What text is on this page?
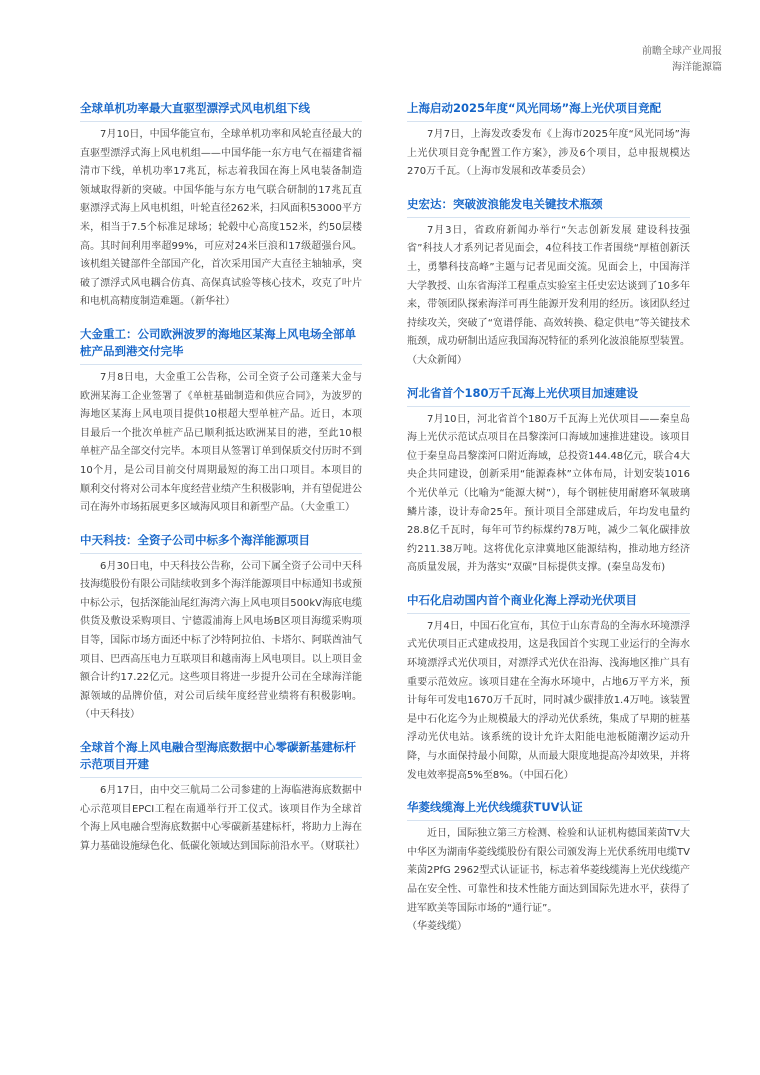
前瞻全球产业周报
海洋能源篇
全球单机功率最大直驱型漂浮式风电机组下线

7月10日，中国华能宣布，全球单机功率和风轮直径最大的直驱型漂浮式海上风电机组——中国华能一东方电气在福建省福清市下线，单机功率17兆瓦，标志着我国在海上风电装备制造领域取得新的突破。中国华能与东方电气联合研制的17兆瓦直驱漂浮式海上风电机组，叶轮直径262米，扫风面积53000平方米，相当于7.5个标准足球场；轮毂中心高度152米，约50层楼高。其时间利用率超99%，可应对24米巨浪和17级超强台风。该机组关键部件全部国产化，首次采用国产大直径主轴轴承，突破了漂浮式风电耦合仿真、高保真试验等核心技术，攻克了叶片和电机高精度制造难题。（新华社）

大金重工：公司欧洲波罗的海地区某海上风电场全部单桩产品到港交付完毕

7月8日电，大金重工公告称，公司全资子公司蓬莱大金与欧洲某海工企业签署了《单桩基础制造和供应合同》，为波罗的海地区某海上风电项目提供10根超大型单桩产品。近日，本项目最后一个批次单桩产品已顺利抵达欧洲某目的港，至此10根单桩产品全部交付完毕。本项目从签署订单到保质交付历时不到10个月，是公司目前交付周期最短的海工出口项目。本项目的顺利交付将对公司本年度经营业绩产生积极影响，并有望促进公司在海外市场拓展更多区域海风项目和新型产品。（大金重工）

中天科技：全资子公司中标多个海洋能源项目

6月30日电，中天科技公告称，公司下属全资子公司中天科技海缆股份有限公司陆续收到多个海洋能源项目中标通知书或预中标公示，包括深能汕尾红海湾六海上风电项目500kV海底电缆供货及敷设采购项目、宁德霞浦海上风电场B区项目海缆采购项目等，国际市场方面还中标了沙特阿拉伯、卡塔尔、阿联酋油气项目、巴西高压电力互联项目和越南海上风电项目。以上项目金额合计约17.22亿元。这些项目将进一步提升公司在全球海洋能源领域的品牌价值，对公司后续年度经营业绩将有积极影响。（中天科技）

全球首个海上风电融合型海底数据中心零碳新基建标杆示范项目开建

6月17日，由中交三航局二公司参建的上海临港海底数据中心示范项目EPCI工程在南通举行开工仪式。该项目作为全球首个海上风电融合型海底数据中心零碳新基建标杆，将助力上海在算力基础设施绿色化、低碳化领域达到国际前沿水平。（财联社）

上海启动2025年度“风光同场”海上光伏项目竞配

7月7日，上海发改委发布《上海市2025年度“风光同场”海上光伏项目竞争配置工作方案》，涉及6个项目，总申报规模达270万千瓦。（上海市发展和改革委员会）

史宏达：突破波浪能发电关键技术瓶颈

7月3日，省政府新闻办举行“矢志创新发展 建设科技强省”科技人才系列记者见面会，4位科技工作者围绕“厚植创新沃土，勇攀科技高峰”主题与记者见面交流。见面会上，中国海洋大学教授、山东省海洋工程重点实验室主任史宏达谈到了10多年来，带领团队探索海洋可再生能源开发利用的经历。该团队经过持续攻关，突破了“宽谱俘能、高效转换、稳定供电”等关键技术瓶颈，成功研制出适应我国海况特征的系列化波浪能原型装置。（大众新闻）

河北省首个180万千瓦海上光伏项目加速建设

7月10日，河北省首个180万千瓦海上光伏项目——秦皇岛海上光伏示范试点项目在昌黎滦河口海域加速推进建设。该项目位于秦皇岛昌黎滦河口附近海域，总投资144.48亿元，联合4大央企共同建设，创新采用“能源森林”立体布局，计划安装1016个光伏单元（比喻为“能源大树”），每个钢桩使用耐磨环氧玻璃鳞片漆，设计寿命25年。预计项目全部建成后，年均发电量约28.8亿千瓦时，每年可节约标煤约78万吨，减少二氧化碳排放约211.38万吨。这将优化京津冀地区能源结构，推动地方经济高质量发展，并为落实“双碳”目标提供支撑。(秦皇岛发布)

中石化启动国内首个商业化海上浮动光伏项目

7月4日，中国石化宣布，其位于山东青岛的全海水环境漂浮式光伏项目正式建成投用，这是我国首个实现工业运行的全海水环境漂浮式光伏项目，对漂浮式光伏在沿海、浅海地区推广具有重要示范效应。该项目建在全海水环境中，占地6万平方米，预计每年可发电1670万千瓦时，同时减少碳排放1.4万吨。该装置是中石化迄今为止规模最大的浮动光伏系统，集成了早期的桩基浮动光伏电站。该系统的设计允许太阳能电池板随潮汐运动升降，与水面保持最小间隙，从而最大限度地提高冷却效果，并将发电效率提高5%至8%。（中国石化）

华菱线缆海上光伏线缆获TUV认证

近日，国际独立第三方检测、检验和认证机构德国莱茵TV大中华区为湖南华菱线缆股份有限公司颁发海上光伏系统用电缆TV莱茵2PfG 2962型式认证证书，标志着华菱线缆海上光伏线缆产品在安全性、可靠性和技术性能方面达到国际先进水平，获得了进军欧美等国际市场的“通行证”。

（华菱线缆）
